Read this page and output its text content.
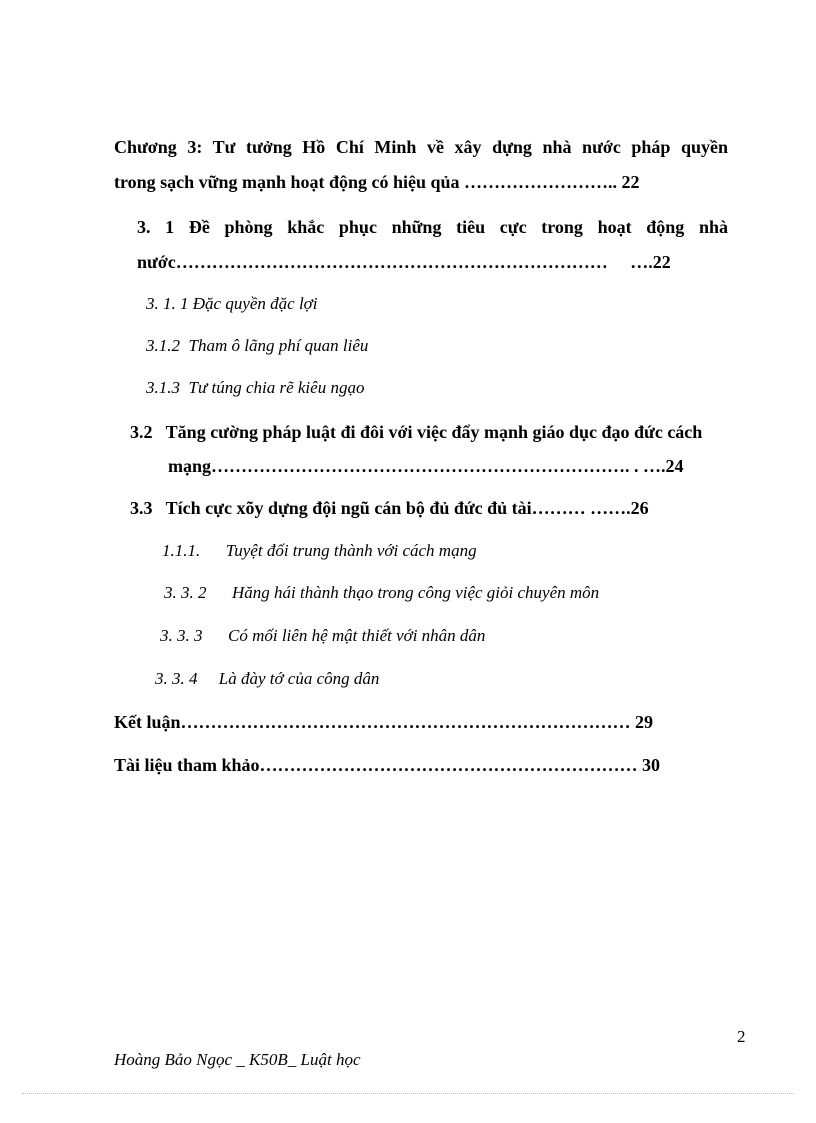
Chương 3: Tư tưởng Hồ Chí Minh về xây dựng nhà nước pháp quyền
trong sạch vững mạnh hoạt động có hiệu qủa …………………….. 22
3. 1 Đề phòng khắc phục những tiêu cực trong hoạt động nhà
nước………………………………………………………………     ….22
3. 1. 1 Đặc quyền đặc lợi
3.1.2  Tham ô lãng phí quan liêu
3.1.3  Tư túng chia rẽ kiêu ngạo
3.2   Tăng cường pháp luật đi đôi với việc đẩy mạnh giáo dục đạo đức cách
mạng……………………………………………………………. . ….24
3.3   Tích cực xõy dựng đội ngũ cán bộ đủ đức đủ tài……… …….26
1.1.1.      Tuyệt đối trung thành với cách mạng
3. 3. 2      Hăng hái thành thạo trong công việc giỏi chuyên môn
3. 3. 3      Có mối liên hệ mật thiết với nhân dân
3. 3. 4     Là đày tớ của công dân
Kết luận………………………………………………………………… 29
Tài liệu tham khảo……………………………………………………… 30
2
Hoàng Bảo Ngọc _ K50B_ Luật học
